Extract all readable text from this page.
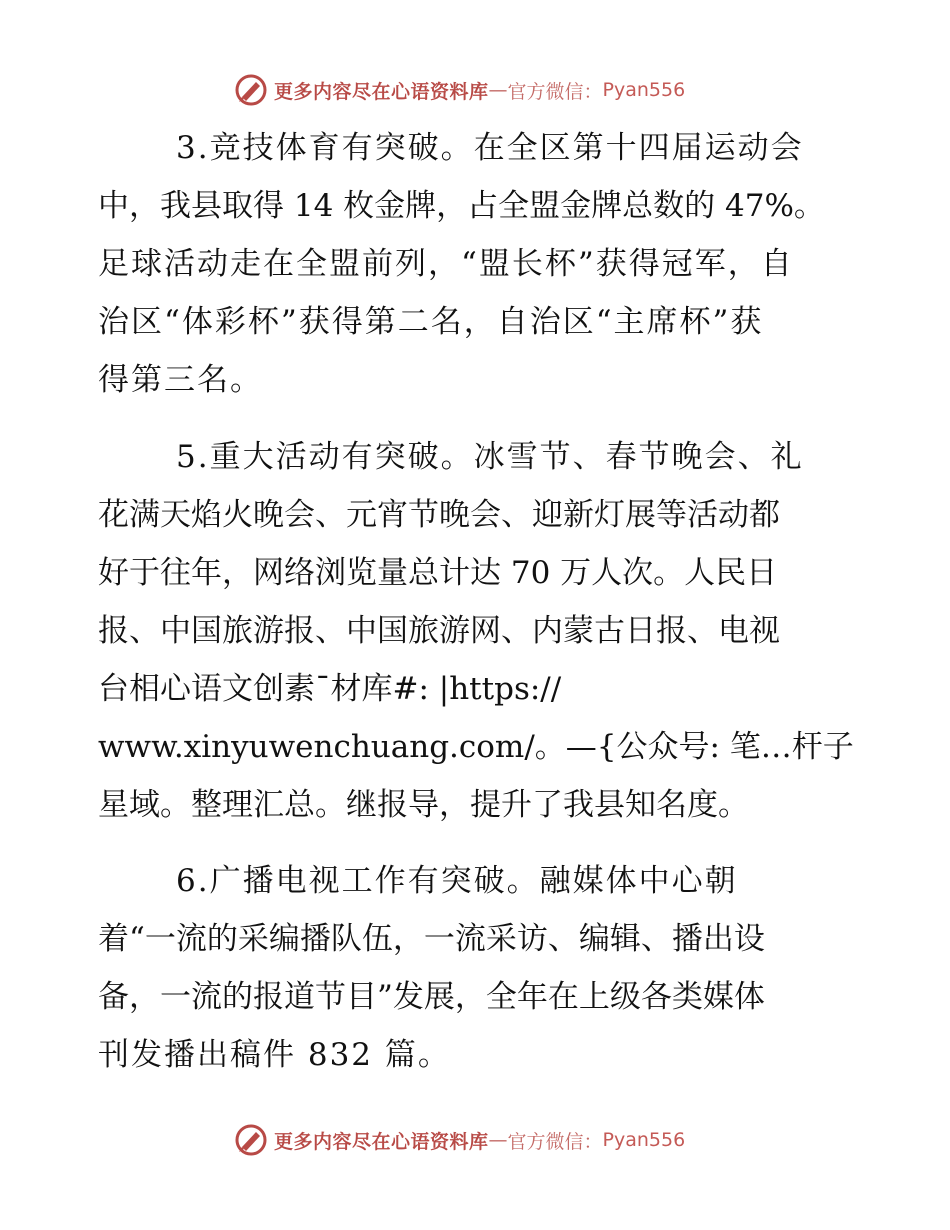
更多内容尽在心语资料库 — 官方微信： Pyan556
3.竞技体育有突破。在全区第十四届运动会
中，我县取得 14 枚金牌，占全盟金牌总数的 47%。
足球活动走在全盟前列，“盟长杯”获得冠军，自
治区“体彩杯”获得第二名，自治区“主席杯”获
得第三名。
5.重大活动有突破。冰雪节、春节晚会、礼
花满天焰火晚会、元宵节晚会、迎新灯展等活动都
好于往年，网络浏览量总计达 70 万人次。人民日
报、中国旅游报、中国旅游网、内蒙古日报、电视
台相心语文创素¯材库#: |https://
www.xinyuwenchuang.com/。—{公众号: 笔…杆子
星域。整理汇总。继报导，提升了我县知名度。
6.广播电视工作有突破。融媒体中心朝
着“一流的采编播队伍，一流采访、编辑、播出设
备，一流的报道节目”发展，全年在上级各类媒体
刊发播出稿件 832 篇。
更多内容尽在心语资料库 — 官方微信： Pyan556
